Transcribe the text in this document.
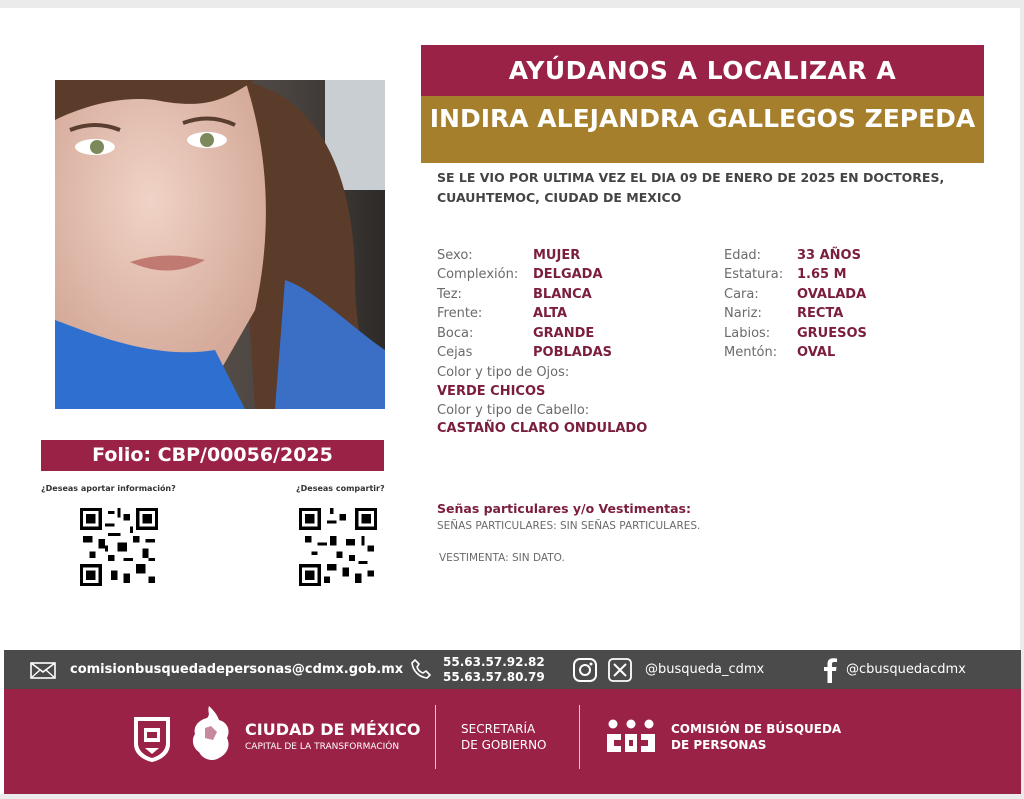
Folio: CBP/00056/2025
¿Deseas aportar información?	¿Deseas compartir?
AYÚDANOS A LOCALIZAR A
INDIRA ALEJANDRA GALLEGOS ZEPEDA
SE LE VIO POR ULTIMA VEZ EL DIA 09 DE ENERO DE 2025 EN DOCTORES, CUAUHTEMOC, CIUDAD DE MEXICO
Sexo:	MUJER
Complexión: DELGADA
Tez:	BLANCA
Frente:	ALTA
Boca:	GRANDE
Cejas	POBLADAS
Color y tipo de Ojos:
VERDE CHICOS
Color y tipo de Cabello:
CASTAÑO CLARO ONDULADO
Edad:	33 AÑOS
Estatura: 1.65 M
Cara:	OVALADA
Nariz:	RECTA
Labios: GRUESOS
Mentón: OVAL
Señas particulares y/o Vestimentas:
SEÑAS PARTICULARES: SIN SEÑAS PARTICULARES.
VESTIMENTA: SIN DATO.
comisionbusquedadepersonas@cdmx.gob.mx	55.63.57.92.82
55.63.57.80.79	@busqueda_cdmx	@cbusquedacdmx
CIUDAD DE MÉXICO
CAPITAL DE LA TRANSFORMACIÓN
SECRETARÍA
DE GOBIERNO
COMISIÓN DE BÚSQUEDA
DE PERSONAS
